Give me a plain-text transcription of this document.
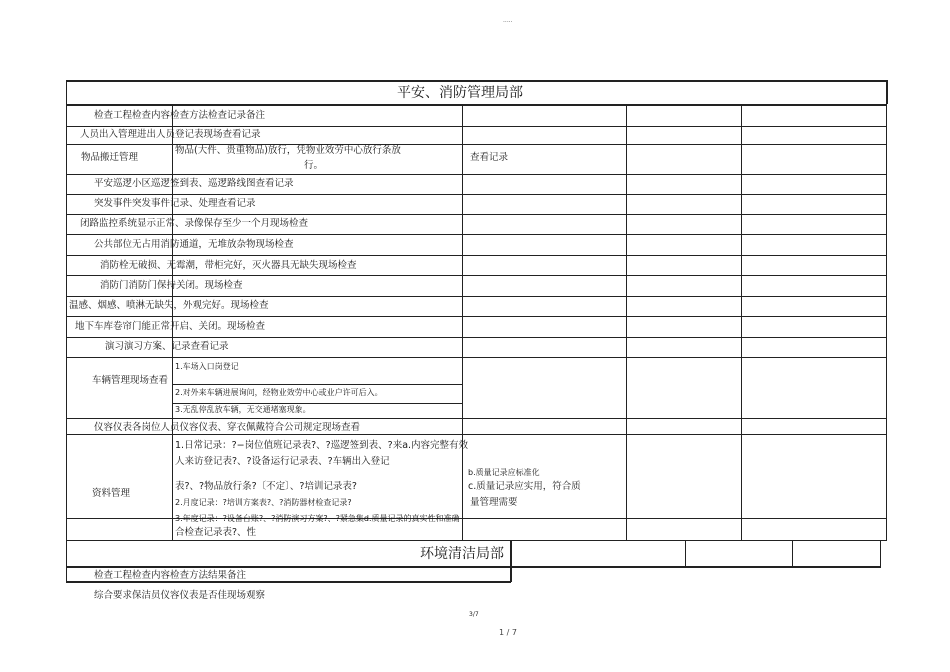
·····
平安、消防管理局部
检查工程检查内容检查方法检查记录备注
人员出入管理进出人员登记表现场查看记录
物品搬迁管理
物品(大件、贵重物品)放行，凭物业效劳中心放行条放
行。
查看记录
平安巡逻小区巡逻签到表、巡逻路线图查看记录
突发事件突发事件记录、处理查看记录
闭路监控系统显示正常、录像保存至少一个月现场检查
公共部位无占用消防通道，无堆放杂物现场检查
消防栓无破损、无霉潮，带柜完好，灭火器具无缺失现场检查
消防门消防门保持关闭。现场检查
温感、烟感、喷淋无缺失，外观完好。现场检查
地下车库卷帘门能正常开启、关闭。现场检查
演习演习方案、记录查看记录
车辆管理现场查看
1.车场入口岗登记
2.对外来车辆进展询问，经物业效劳中心或业户许可后入。
3.无乱停乱放车辆，无交通堵塞现象。
仪容仪表各岗位人员仪容仪表、穿衣佩戴符合公司规定现场查看
资料管理
1.日常记录：?−岗位值班记录表?、?巡逻签到表、?来a.内容完整有效
人来访登记表?、?设备运行记录表、?车辆出入登记
表?、?物品放行条?〔不定〕、?培训记录表?
2.月度记录：?培训方案表?、?消防器材检查记录?
3.年度记录：?设备台账?、?消防演习方案?、?紧急集d.质量记录的真实性和准确
合检查记录表?、性
b.质量记录应标准化
c.质量记录应实用，符合质
量管理需要
环境清洁局部
检查工程检查内容检查方法结果备注
综合要求保洁员仪容仪表是否佳现场观察
3/7
1 / 7
